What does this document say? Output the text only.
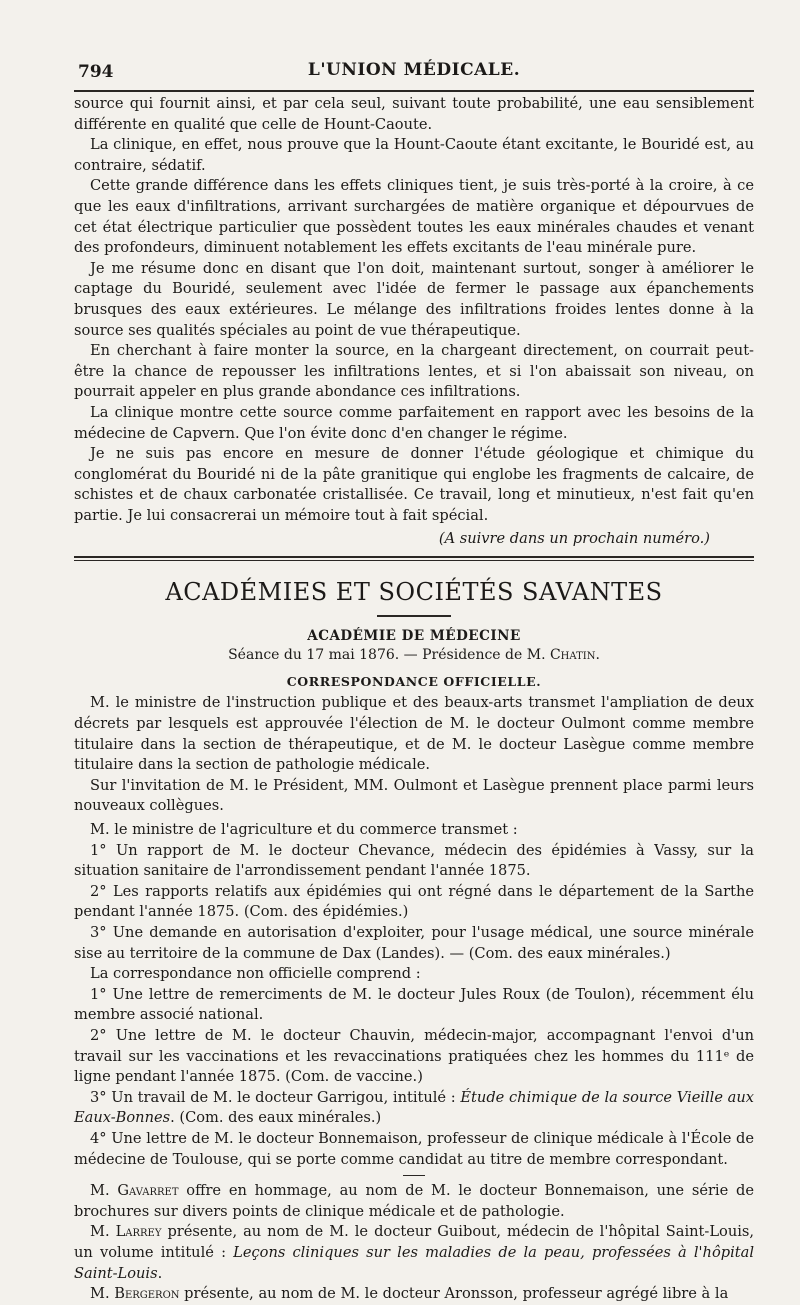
794	L'UNION MÉDICALE.

source qui fournit ainsi, et par cela seul, suivant toute probabilité, une eau sensiblement différente en qualité que celle de Hount-Caoute.

La clinique, en effet, nous prouve que la Hount-Caoute étant excitante, le Bouridé est, au contraire, sédatif.

Cette grande différence dans les effets cliniques tient, je suis très-porté à la croire, à ce que les eaux d'infiltrations, arrivant surchargées de matière organique et dépourvues de cet état électrique particulier que possèdent toutes les eaux minérales chaudes et venant des profondeurs, diminuent notablement les effets excitants de l'eau minérale pure.

Je me résume donc en disant que l'on doit, maintenant surtout, songer à améliorer le captage du Bouridé, seulement avec l'idée de fermer le passage aux épanchements brusques des eaux extérieures. Le mélange des infiltrations froides lentes donne à la source ses qualités spéciales au point de vue thérapeutique.

En cherchant à faire monter la source, en la chargeant directement, on courrait peut-être la chance de repousser les infiltrations lentes, et si l'on abaissait son niveau, on pourrait appeler en plus grande abondance ces infiltrations.

La clinique montre cette source comme parfaitement en rapport avec les besoins de la médecine de Capvern. Que l'on évite donc d'en changer le régime.

Je ne suis pas encore en mesure de donner l'étude géologique et chimique du conglomérat du Bouridé ni de la pâte granitique qui englobe les fragments de calcaire, de schistes et de chaux carbonatée cristallisée. Ce travail, long et minutieux, n'est fait qu'en partie. Je lui consacrerai un mémoire tout à fait spécial.

(A suivre dans un prochain numéro.)
ACADÉMIES ET SOCIÉTÉS SAVANTES
ACADÉMIE DE MÉDECINE
Séance du 17 mai 1876. — Présidence de M. Chatin.
CORRESPONDANCE OFFICIELLE.

M. le ministre de l'instruction publique et des beaux-arts transmet l'ampliation de deux décrets par lesquels est approuvée l'élection de M. le docteur Oulmont comme membre titulaire dans la section de thérapeutique, et de M. le docteur Lasègue comme membre titulaire dans la section de pathologie médicale.

Sur l'invitation de M. le Président, MM. Oulmont et Lasègue prennent place parmi leurs nouveaux collègues.

M. le ministre de l'agriculture et du commerce transmet :

1° Un rapport de M. le docteur Chevance, médecin des épidémies à Vassy, sur la situation sanitaire de l'arrondissement pendant l'année 1875.

2° Les rapports relatifs aux épidémies qui ont régné dans le département de la Sarthe pendant l'année 1875. (Com. des épidémies.)

3° Une demande en autorisation d'exploiter, pour l'usage médical, une source minérale sise au territoire de la commune de Dax (Landes). — (Com. des eaux minérales.)

La correspondance non officielle comprend :

1° Une lettre de remerciments de M. le docteur Jules Roux (de Toulon), récemment élu membre associé national.

2° Une lettre de M. le docteur Chauvin, médecin-major, accompagnant l'envoi d'un travail sur les vaccinations et les revaccinations pratiquées chez les hommes du 111ᵉ de ligne pendant l'année 1875. (Com. de vaccine.)

3° Un travail de M. le docteur Garrigou, intitulé : Étude chimique de la source Vieille aux Eaux-Bonnes. (Com. des eaux minérales.)

4° Une lettre de M. le docteur Bonnemaison, professeur de clinique médicale à l'École de médecine de Toulouse, qui se porte comme candidat au titre de membre correspondant.

M. Gavarret offre en hommage, au nom de M. le docteur Bonnemaison, une série de brochures sur divers points de clinique médicale et de pathologie.

M. Larrey présente, au nom de M. le docteur Guibout, médecin de l'hôpital Saint-Louis, un volume intitulé : Leçons cliniques sur les maladies de la peau, professées à l'hôpital Saint-Louis.

M. Bergeron présente, au nom de M. le docteur Aronsson, professeur agrégé libre à la
